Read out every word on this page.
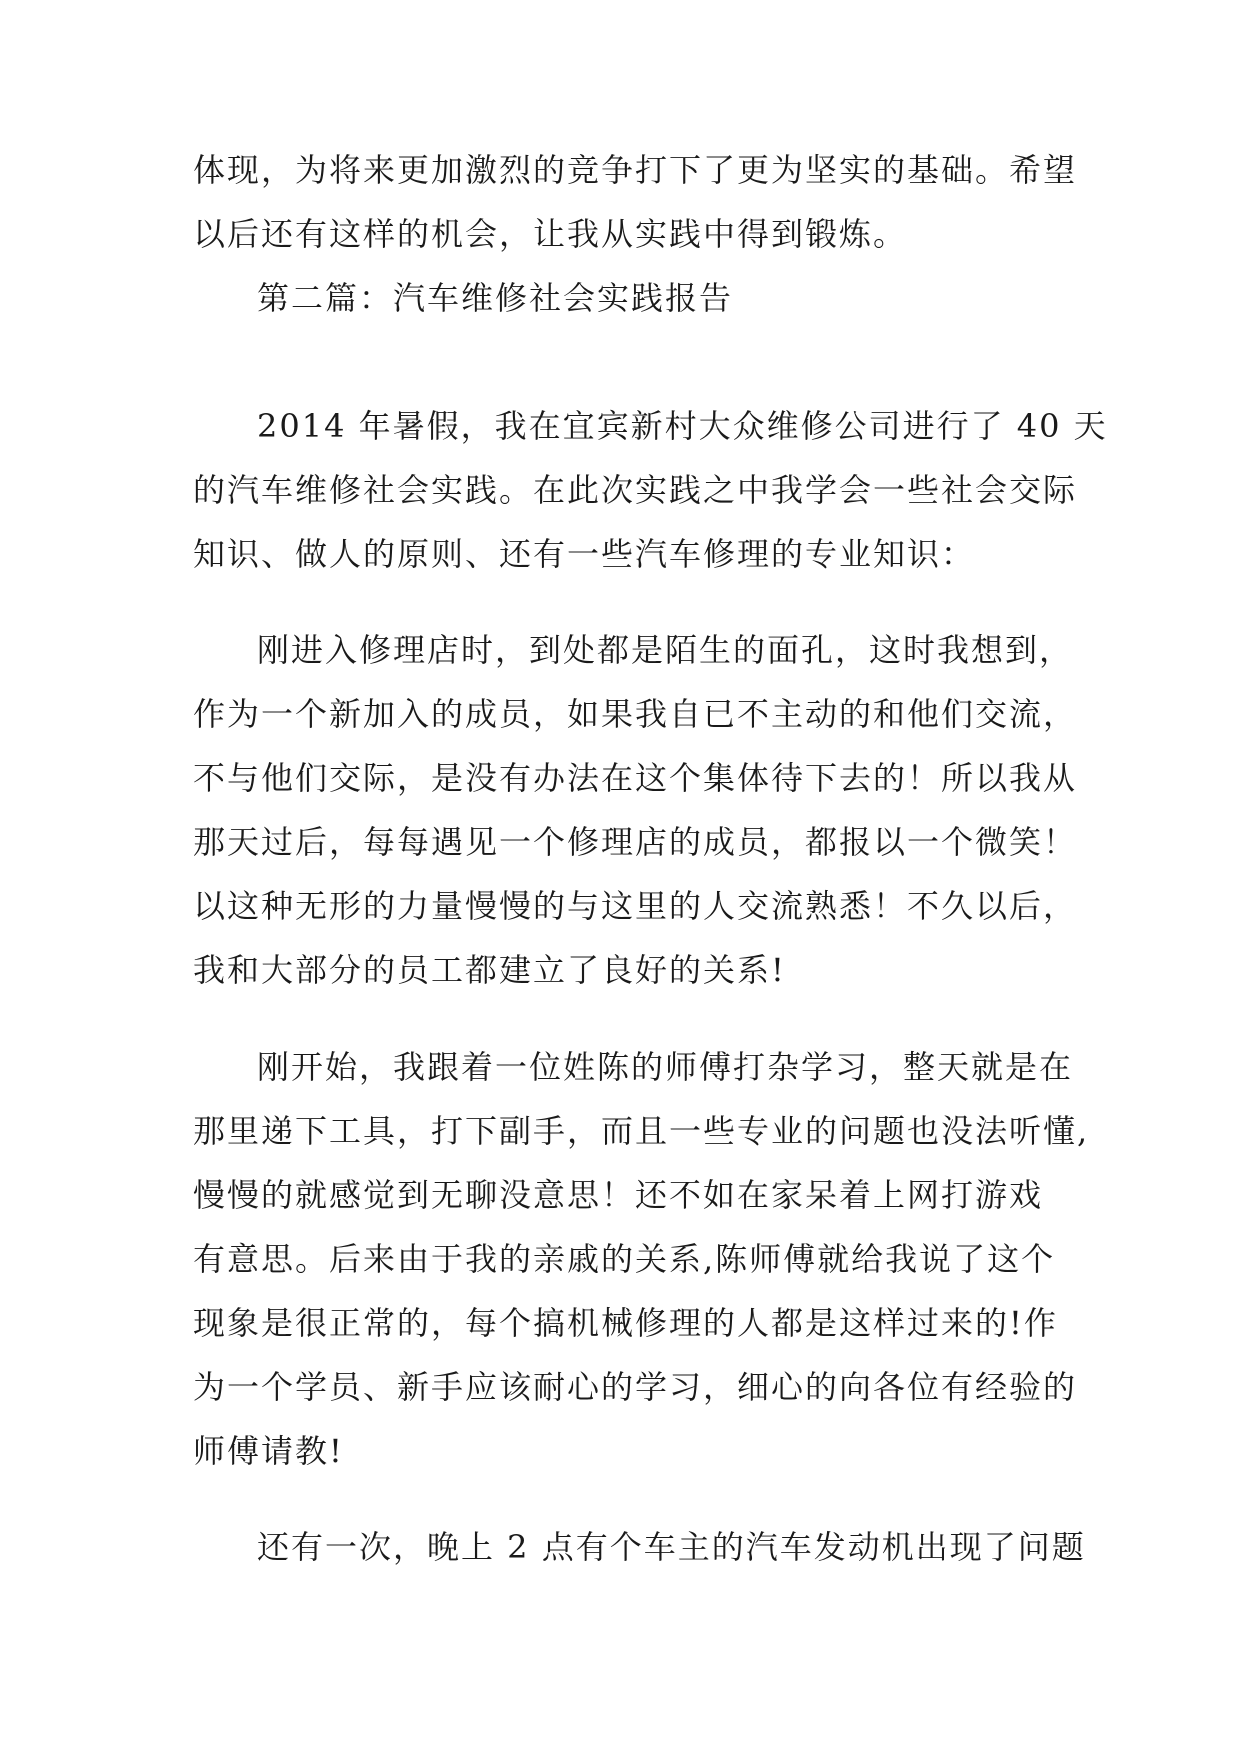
体现，为将来更加激烈的竞争打下了更为坚实的基础。希望
以后还有这样的机会，让我从实践中得到锻炼。
第二篇：汽车维修社会实践报告
2014 年暑假，我在宜宾新村大众维修公司进行了 40 天
的汽车维修社会实践。在此次实践之中我学会一些社会交际
知识、做人的原则、还有一些汽车修理的专业知识：
刚进入修理店时，到处都是陌生的面孔，这时我想到，
作为一个新加入的成员，如果我自已不主动的和他们交流，
不与他们交际，是没有办法在这个集体待下去的！所以我从
那天过后，每每遇见一个修理店的成员，都报以一个微笑！
以这种无形的力量慢慢的与这里的人交流熟悉！不久以后，
我和大部分的员工都建立了良好的关系!
刚开始，我跟着一位姓陈的师傅打杂学习，整天就是在
那里递下工具，打下副手，而且一些专业的问题也没法听懂,
慢慢的就感觉到无聊没意思！还不如在家呆着上网打游戏
有意思。后来由于我的亲戚的关系,陈师傅就给我说了这个
现象是很正常的，每个搞机械修理的人都是这样过来的!作
为一个学员、新手应该耐心的学习，细心的向各位有经验的
师傅请教!
还有一次，晚上 2 点有个车主的汽车发动机出现了问题
